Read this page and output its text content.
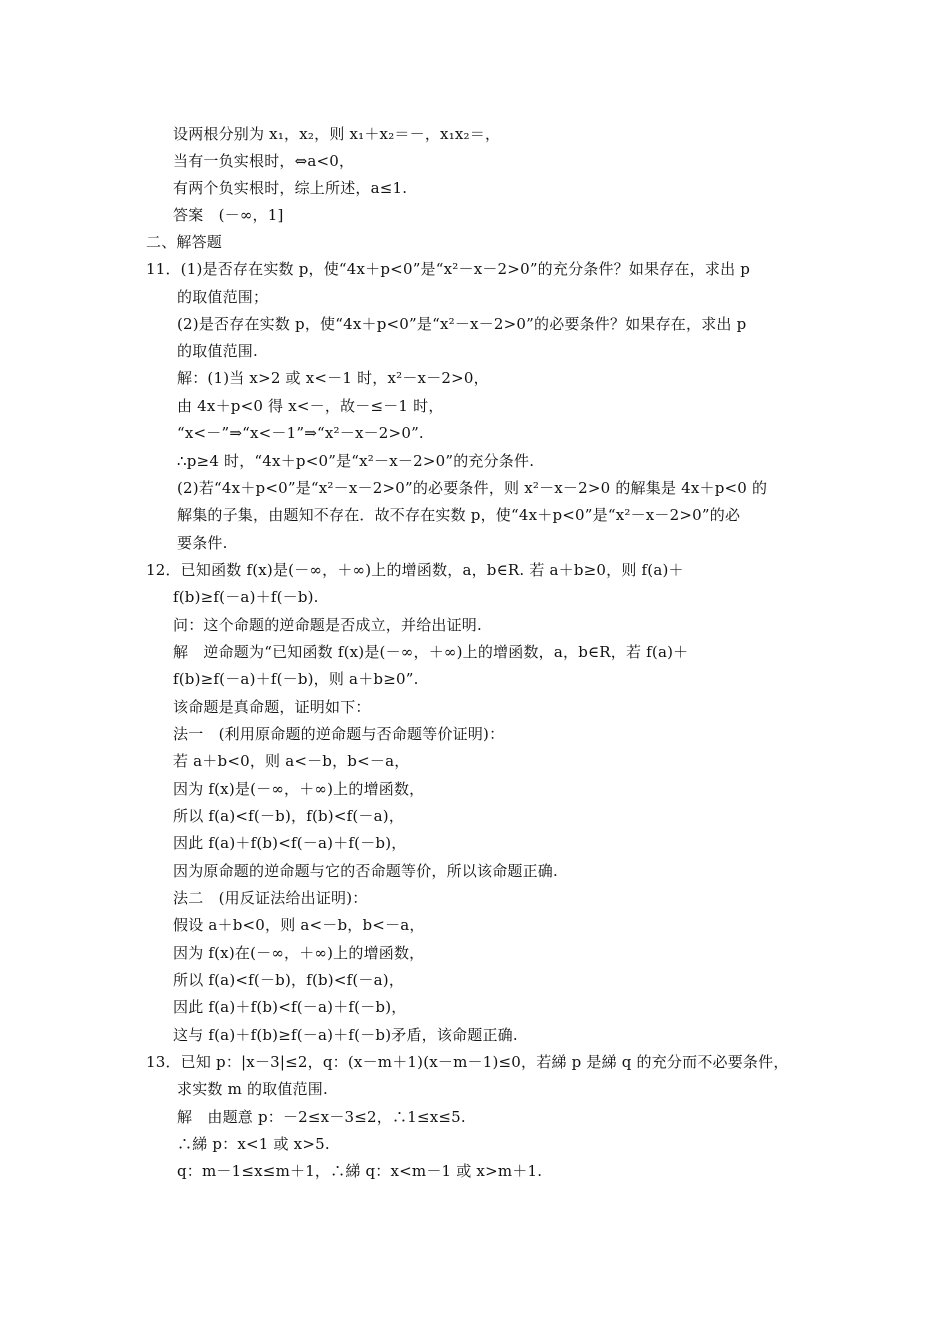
设两根分别为 x₁，x₂，则 x₁＋x₂＝－，x₁x₂＝，
当有一负实根时，⇔a<0，
有两个负实根时，综上所述，a≤1.
答案　(－∞，1]
二、解答题
11．(1)是否存在实数 p，使“4x＋p<0”是“x²－x－2>0”的充分条件？如果存在，求出 p
的取值范围；
(2)是否存在实数 p，使“4x＋p<0”是“x²－x－2>0”的必要条件？如果存在，求出 p
的取值范围.
解：(1)当 x>2 或 x<－1 时，x²－x－2>0，
由 4x＋p<0 得 x<－，故－≤－1 时，
“x<－”⇒“x<－1”⇒“x²－x－2>0”.
∴p≥4 时，“4x＋p<0”是“x²－x－2>0”的充分条件.
(2)若“4x＋p<0”是“x²－x－2>0”的必要条件，则 x²－x－2>0 的解集是 4x＋p<0 的
解集的子集，由题知不存在．故不存在实数 p，使“4x＋p<0”是“x²－x－2>0”的必
要条件.
12．已知函数 f(x)是(－∞，＋∞)上的增函数，a，b∈R. 若 a＋b≥0，则 f(a)＋
f(b)≥f(－a)＋f(－b).
问：这个命题的逆命题是否成立，并给出证明.
解　逆命题为“已知函数 f(x)是(－∞，＋∞)上的增函数，a，b∈R，若 f(a)＋
f(b)≥f(－a)＋f(－b)，则 a＋b≥0”.
该命题是真命题，证明如下：
法一　(利用原命题的逆命题与否命题等价证明)：
若 a＋b<0，则 a<－b，b<－a，
因为 f(x)是(－∞，＋∞)上的增函数，
所以 f(a)<f(－b)，f(b)<f(－a)，
因此 f(a)＋f(b)<f(－a)＋f(－b)，
因为原命题的逆命题与它的否命题等价，所以该命题正确.
法二　(用反证法给出证明)：
假设 a＋b<0，则 a<－b，b<－a，
因为 f(x)在(－∞，＋∞)上的增函数，
所以 f(a)<f(－b)，f(b)<f(－a)，
因此 f(a)＋f(b)<f(－a)＋f(－b)，
这与 f(a)＋f(b)≥f(－a)＋f(－b)矛盾，该命题正确.
13．已知 p：|x－3|≤2，q：(x－m＋1)(x－m－1)≤0，若綈 p 是綈 q 的充分而不必要条件，
求实数 m 的取值范围.
解　由题意 p：－2≤x－3≤2，∴1≤x≤5.
∴綈 p：x<1 或 x>5.
q：m－1≤x≤m＋1，∴綈 q：x<m－1 或 x>m＋1.
